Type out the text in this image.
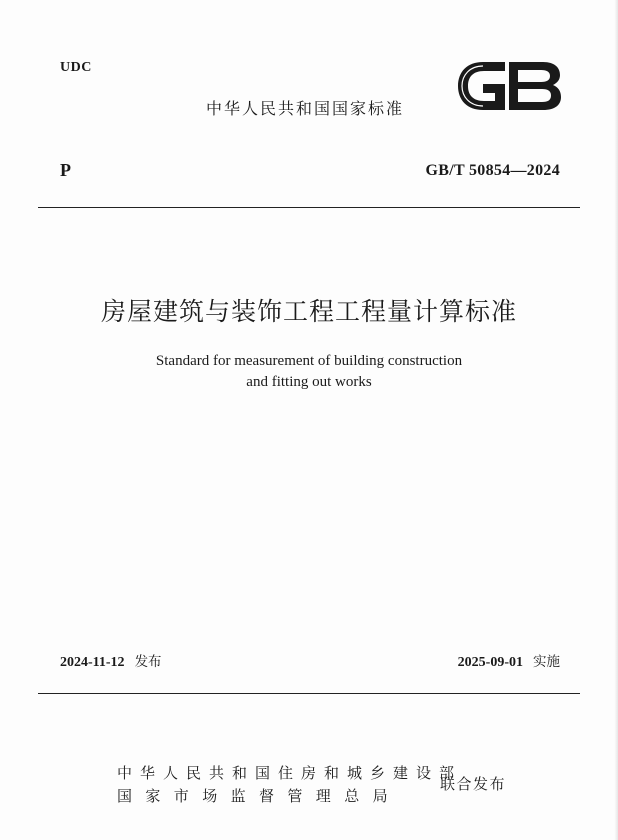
UDC
中华人民共和国国家标准
P	GB/T 50854—2024
房屋建筑与装饰工程工程量计算标准
Standard for measurement of building construction
and fitting out works
2024-11-12 发布	2025-09-01 实施
中华人民共和国住房和城乡建设部
国家市场监督管理总局
联合发布
